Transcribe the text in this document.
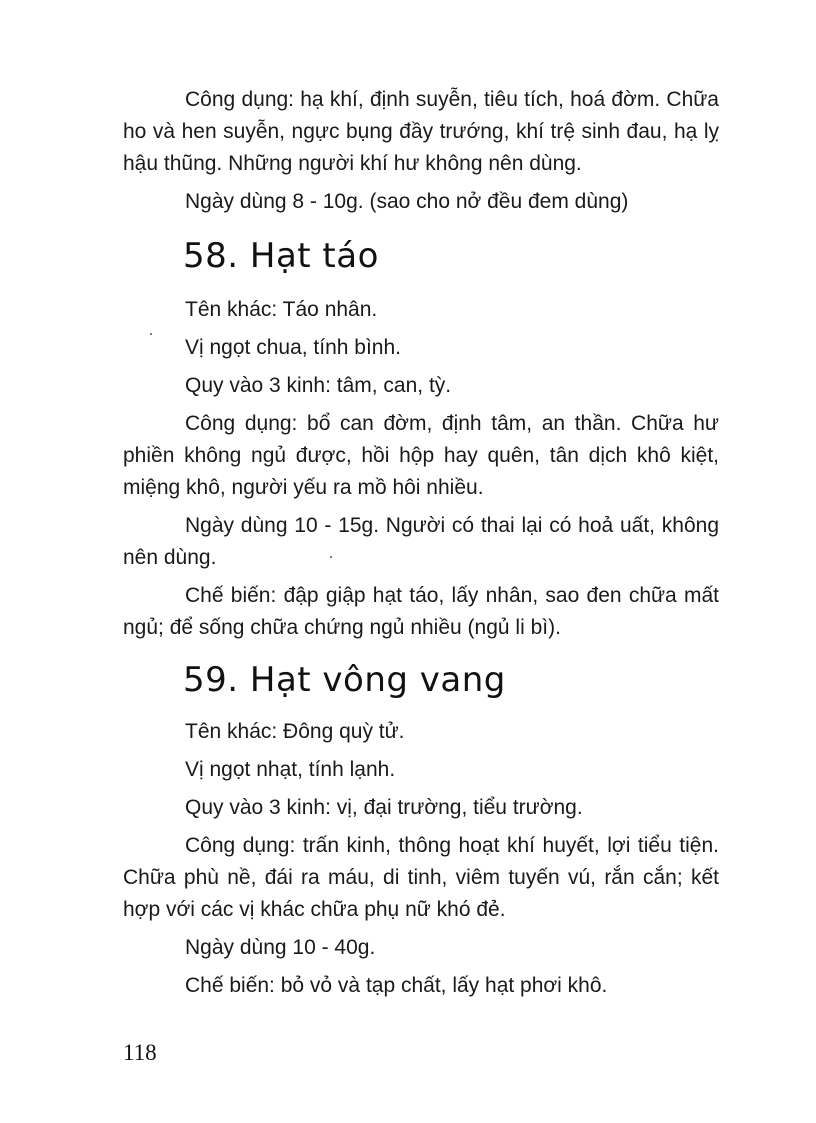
Công dụng: hạ khí, định suyễn, tiêu tích, hoá đờm. Chữa ho và hen suyễn, ngực bụng đầy trướng, khí trệ sinh đau, hạ lỵ hậu thũng. Những người khí hư không nên dùng.

Ngày dùng 8 - 10g. (sao cho nở đều đem dùng)

58. Hạt táo

Tên khác: Táo nhân.

Vị ngọt chua, tính bình.

Quy vào 3 kinh: tâm, can, tỳ.

Công dụng: bổ can đờm, định tâm, an thần. Chữa hư phiền không ngủ được, hồi hộp hay quên, tân dịch khô kiệt, miệng khô, người yếu ra mồ hôi nhiều.

Ngày dùng 10 - 15g. Người có thai lại có hoả uất, không nên dùng.

Chế biến: đập giập hạt táo, lấy nhân, sao đen chữa mất ngủ; để sống chữa chứng ngủ nhiều (ngủ li bì).

59. Hạt vông vang

Tên khác: Đông quỳ tử.

Vị ngọt nhạt, tính lạnh.

Quy vào 3 kinh: vị, đại trường, tiểu trường.

Công dụng: trấn kinh, thông hoạt khí huyết, lợi tiểu tiện. Chữa phù nề, đái ra máu, di tinh, viêm tuyến vú, rắn cắn; kết hợp với các vị khác chữa phụ nữ khó đẻ.

Ngày dùng 10 - 40g.

Chế biến: bỏ vỏ và tạp chất, lấy hạt phơi khô.

118
